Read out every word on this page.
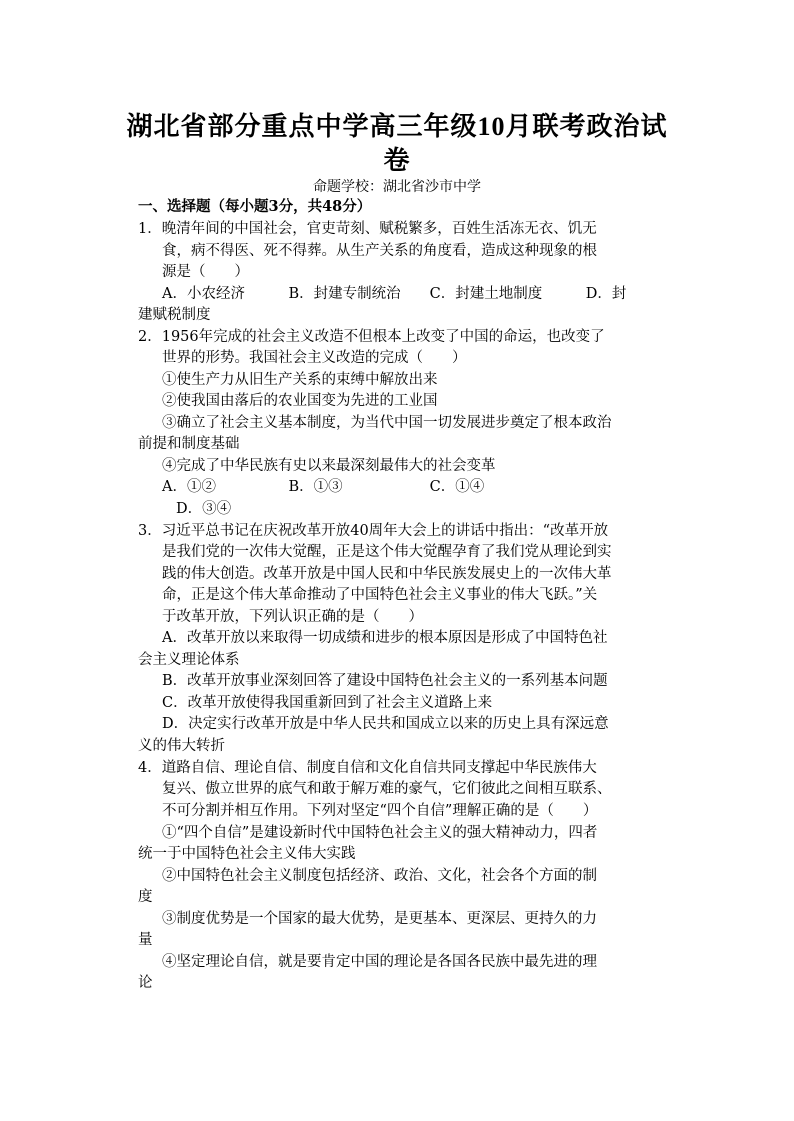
湖北省部分重点中学高三年级10月联考政治试
卷
命题学校：湖北省沙市中学
一、选择题（每小题3分，共48分）
1．晚清年间的中国社会，官吏苛刻、赋税繁多，百姓生活冻无衣、饥无
食，病不得医、死不得葬。从生产关系的角度看，造成这种现象的根
源是（　　）
A．小农经济　　　B．封建专制统治　　C．封建土地制度　　　D．封
建赋税制度
2．1956年完成的社会主义改造不但根本上改变了中国的命运，也改变了
世界的形势。我国社会主义改造的完成（　　）
①使生产力从旧生产关系的束缚中解放出来
②使我国由落后的农业国变为先进的工业国
③确立了社会主义基本制度，为当代中国一切发展进步奠定了根本政治
前提和制度基础
④完成了中华民族有史以来最深刻最伟大的社会变革
A．①②　　　　　B．①③　　　　　　C．①④
D．③④
3．习近平总书记在庆祝改革开放40周年大会上的讲话中指出：“改革开放
是我们党的一次伟大觉醒，正是这个伟大觉醒孕育了我们党从理论到实
践的伟大创造。改革开放是中国人民和中华民族发展史上的一次伟大革
命，正是这个伟大革命推动了中国特色社会主义事业的伟大飞跃。”关
于改革开放，下列认识正确的是（　　）
A．改革开放以来取得一切成绩和进步的根本原因是形成了中国特色社
会主义理论体系
B．改革开放事业深刻回答了建设中国特色社会主义的一系列基本问题
C．改革开放使得我国重新回到了社会主义道路上来
D．决定实行改革开放是中华人民共和国成立以来的历史上具有深远意
义的伟大转折
4．道路自信、理论自信、制度自信和文化自信共同支撑起中华民族伟大
复兴、傲立世界的底气和敢于解万难的豪气，它们彼此之间相互联系、
不可分割并相互作用。下列对坚定“四个自信”理解正确的是（　　）
①“四个自信”是建设新时代中国特色社会主义的强大精神动力，四者
统一于中国特色社会主义伟大实践
②中国特色社会主义制度包括经济、政治、文化，社会各个方面的制
度
③制度优势是一个国家的最大优势，是更基本、更深层、更持久的力
量
④坚定理论自信，就是要肯定中国的理论是各国各民族中最先进的理
论
